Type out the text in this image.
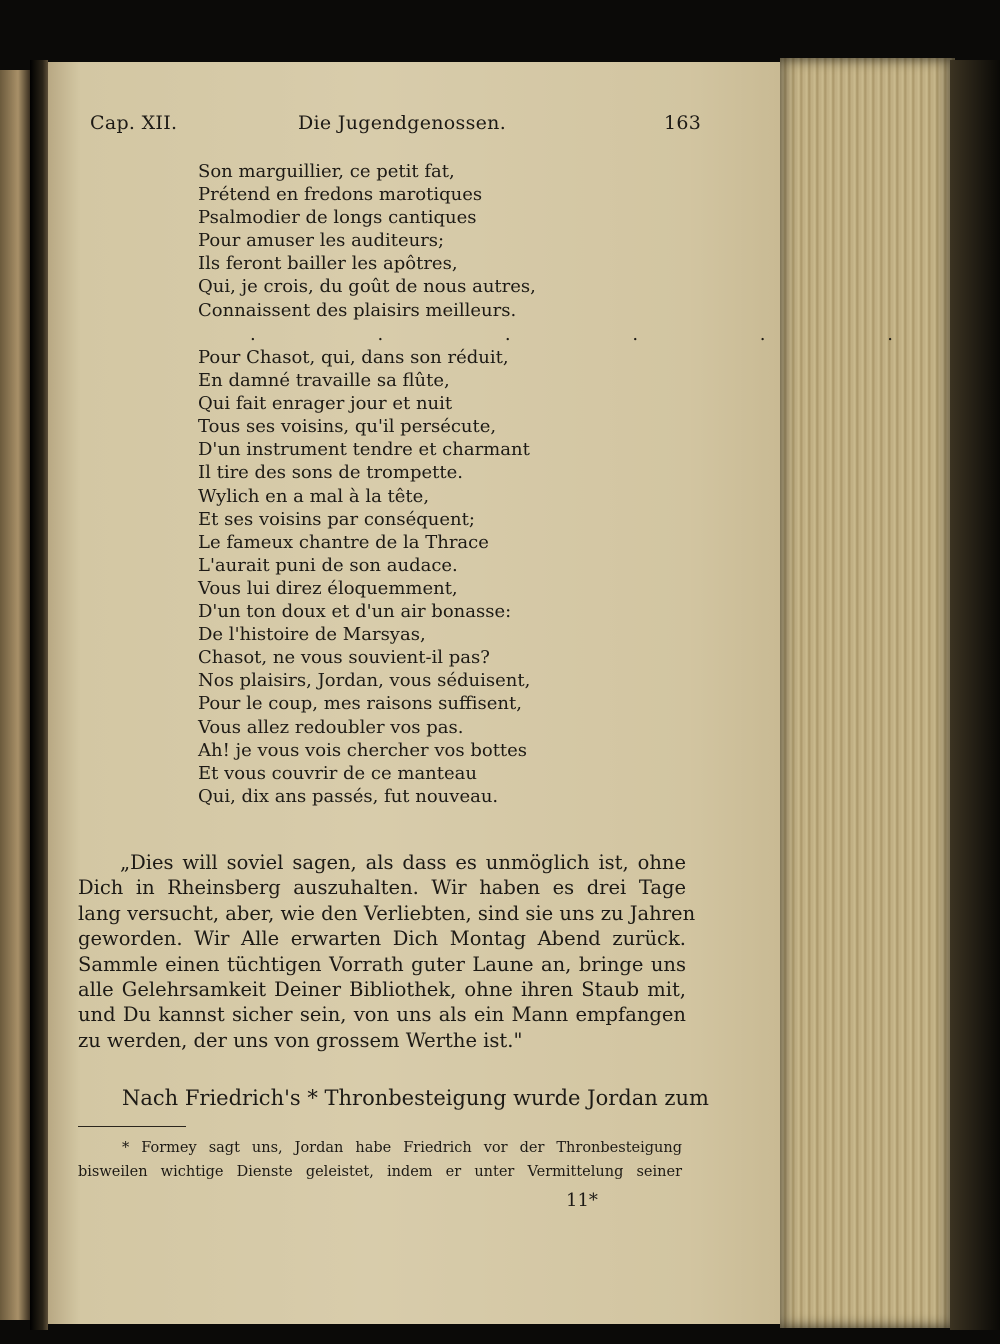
Cap. XII.	Die Jugendgenossen.	163
Son marguillier, ce petit fat,
Prétend en fredons marotiques
Psalmodier de longs cantiques
Pour amuser les auditeurs;
Ils feront bailler les apôtres,
Qui, je crois, du goût de nous autres,
Connaissent des plaisirs meilleurs.
. . . . . .
Pour Chasot, qui, dans son réduit,
En damné travaille sa flûte,
Qui fait enrager jour et nuit
Tous ses voisins, qu'il persécute,
D'un instrument tendre et charmant
Il tire des sons de trompette.
Wylich en a mal à la tête,
Et ses voisins par conséquent;
Le fameux chantre de la Thrace
L'aurait puni de son audace.
Vous lui direz éloquemment,
D'un ton doux et d'un air bonasse:
De l'histoire de Marsyas,
Chasot, ne vous souvient-il pas?
Nos plaisirs, Jordan, vous séduisent,
Pour le coup, mes raisons suffisent,
Vous allez redoubler vos pas.
Ah! je vous vois chercher vos bottes
Et vous couvrir de ce manteau
Qui, dix ans passés, fut nouveau.
„Dies will soviel sagen, als dass es unmöglich ist, ohne
Dich in Rheinsberg auszuhalten. Wir haben es drei Tage
lang versucht, aber, wie den Verliebten, sind sie uns zu Jahren
geworden. Wir Alle erwarten Dich Montag Abend zurück.
Sammle einen tüchtigen Vorrath guter Laune an, bringe uns
alle Gelehrsamkeit Deiner Bibliothek, ohne ihren Staub mit,
und Du kannst sicher sein, von uns als ein Mann empfangen
zu werden, der uns von grossem Werthe ist."
Nach Friedrich's * Thronbesteigung wurde Jordan zum
* Formey sagt uns, Jordan habe Friedrich vor der Thronbesteigung
bisweilen wichtige Dienste geleistet, indem er unter Vermittelung seiner
11*
